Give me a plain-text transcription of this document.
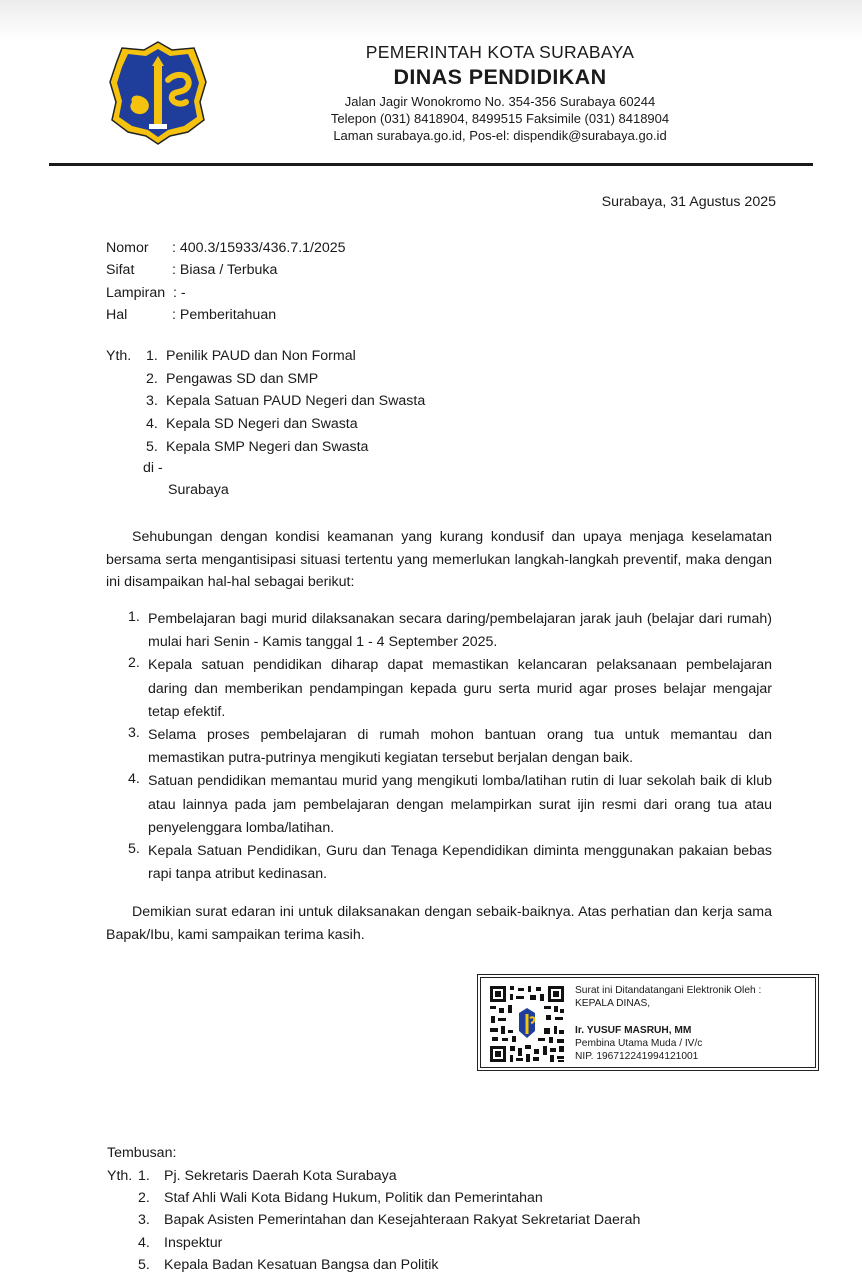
PEMERINTAH KOTA SURABAYA
DINAS PENDIDIKAN
Jalan Jagir Wonokromo No. 354-356 Surabaya 60244
Telepon (031) 8418904, 8499515 Faksimile (031) 8418904
Laman surabaya.go.id, Pos-el: dispendik@surabaya.go.id
Surabaya, 31 Agustus 2025
Nomor : 400.3/15933/436.7.1/2025
Sifat	: Biasa / Terbuka
Lampiran : -
Hal	: Pemberitahuan
Yth. 1. Penilik PAUD dan Non Formal
2. Pengawas SD dan SMP
3. Kepala Satuan PAUD Negeri dan Swasta
4. Kepala SD Negeri dan Swasta
5. Kepala SMP Negeri dan Swasta
di -
Surabaya
Sehubungan dengan kondisi keamanan yang kurang kondusif dan upaya menjaga keselamatan bersama serta mengantisipasi situasi tertentu yang memerlukan langkah-langkah preventif, maka dengan ini disampaikan hal-hal sebagai berikut:
1. Pembelajaran bagi murid dilaksanakan secara daring/pembelajaran jarak jauh (belajar dari rumah) mulai hari Senin - Kamis tanggal 1 - 4 September 2025.
2. Kepala satuan pendidikan diharap dapat memastikan kelancaran pelaksanaan pembelajaran daring dan memberikan pendampingan kepada guru serta murid agar proses belajar mengajar tetap efektif.
3. Selama proses pembelajaran di rumah mohon bantuan orang tua untuk memantau dan memastikan putra-putrinya mengikuti kegiatan tersebut berjalan dengan baik.
4. Satuan pendidikan memantau murid yang mengikuti lomba/latihan rutin di luar sekolah baik di klub atau lainnya pada jam pembelajaran dengan melampirkan surat ijin resmi dari orang tua atau penyelenggara lomba/latihan.
5. Kepala Satuan Pendidikan, Guru dan Tenaga Kependidikan diminta menggunakan pakaian bebas rapi tanpa atribut kedinasan.
Demikian surat edaran ini untuk dilaksanakan dengan sebaik-baiknya. Atas perhatian dan kerja sama Bapak/Ibu, kami sampaikan terima kasih.
Surat ini Ditandatangani Elektronik Oleh :
KEPALA DINAS,
Ir. YUSUF MASRUH, MM
Pembina Utama Muda / IV/c
NIP. 196712241994121001
Tembusan:
Yth. 1. Pj. Sekretaris Daerah Kota Surabaya
2. Staf Ahli Wali Kota Bidang Hukum, Politik dan Pemerintahan
3. Bapak Asisten Pemerintahan dan Kesejahteraan Rakyat Sekretariat Daerah
4. Inspektur
5. Kepala Badan Kesatuan Bangsa dan Politik
